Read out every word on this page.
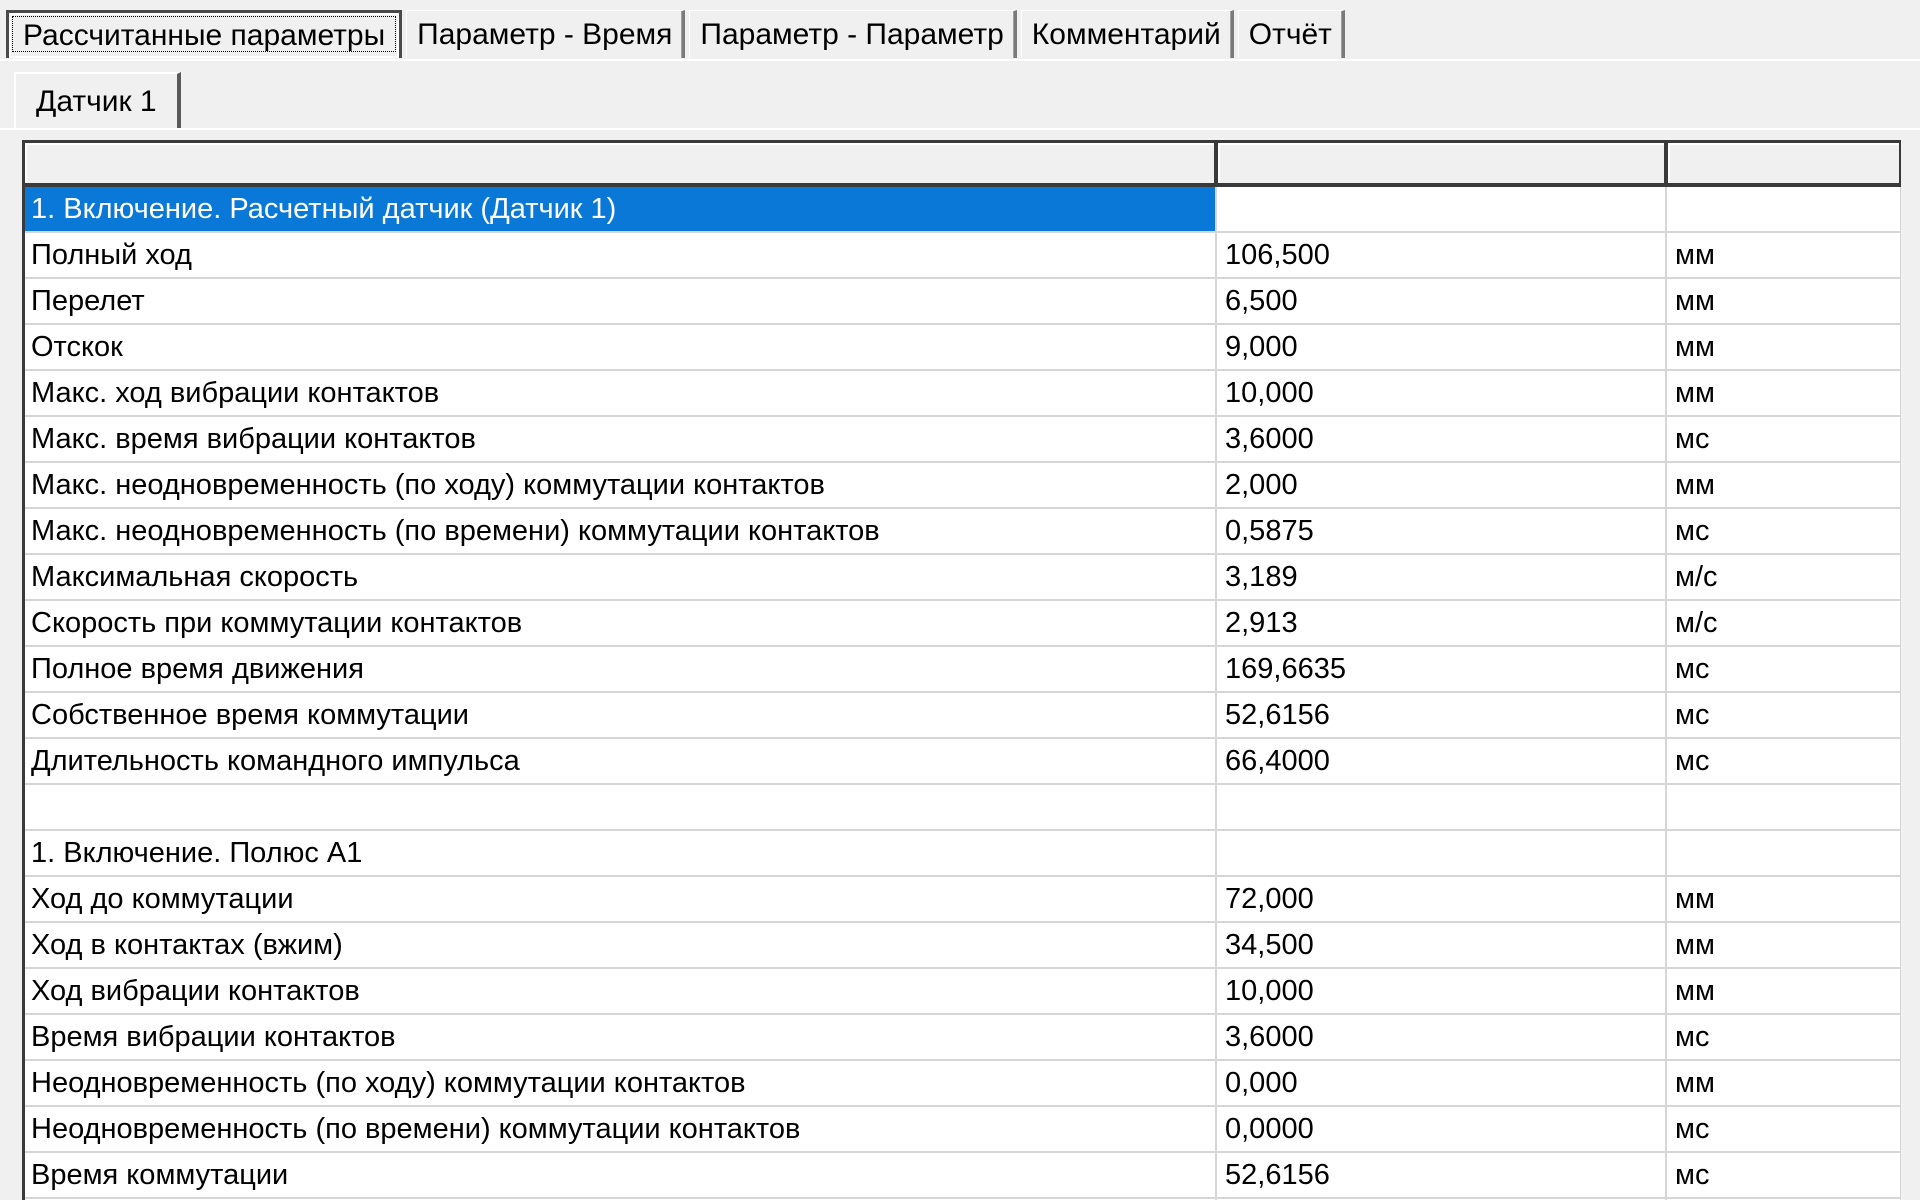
Рассчитанные параметры	Параметр - Время Параметр - Параметр Комментарий Отчёт
Датчик 1

1. Включение. Расчетный датчик (Датчик 1)		
Полный ход	106,500	мм
Перелет	6,500	мм
Отскок	9,000	мм
Макс. ход вибрации контактов	10,000	мм
Макс. время вибрации контактов	3,6000	мс
Макс. неодновременность (по ходу) коммутации контактов	2,000	мм
Макс. неодновременность (по времени) коммутации контактов	0,5875	мс
Максимальная скорость	3,189	м/с
Скорость при коммутации контактов	2,913	м/с
Полное время движения	169,6635	мс
Собственное время коммутации	52,6156	мс
Длительность командного импульса	66,4000	мс

1. Включение. Полюс А1		
Ход до коммутации	72,000	мм
Ход в контактах (вжим)	34,500	мм
Ход вибрации контактов	10,000	мм
Время вибрации контактов	3,6000	мс
Неодновременность (по ходу) коммутации контактов	0,000	мм
Неодновременность (по времени) коммутации контактов	0,0000	мс
Время коммутации	52,6156	мс
